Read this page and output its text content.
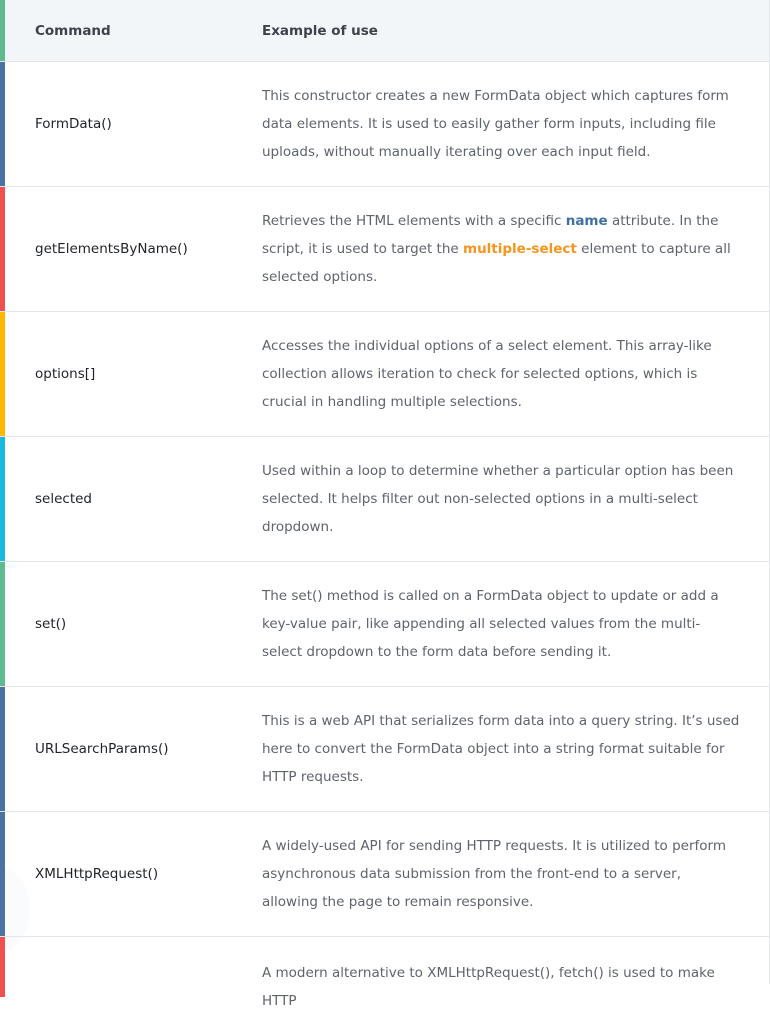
Command	Example of use
FormData()
This constructor creates a new FormData object which captures form data elements. It is used to easily gather form inputs, including file uploads, without manually iterating over each input field.
getElementsByName()
Retrieves the HTML elements with a specific name attribute. In the script, it is used to target the multiple-select element to capture all selected options.
options[]
Accesses the individual options of a select element. This array-like collection allows iteration to check for selected options, which is crucial in handling multiple selections.
selected
Used within a loop to determine whether a particular option has been selected. It helps filter out non-selected options in a multi-select dropdown.
set()
The set() method is called on a FormData object to update or add a key-value pair, like appending all selected values from the multi-select dropdown to the form data before sending it.
URLSearchParams()
This is a web API that serializes form data into a query string. It’s used here to convert the FormData object into a string format suitable for HTTP requests.
XMLHttpRequest()
A widely-used API for sending HTTP requests. It is utilized to perform asynchronous data submission from the front-end to a server, allowing the page to remain responsive.
A modern alternative to XMLHttpRequest(), fetch() is used to make HTTP
